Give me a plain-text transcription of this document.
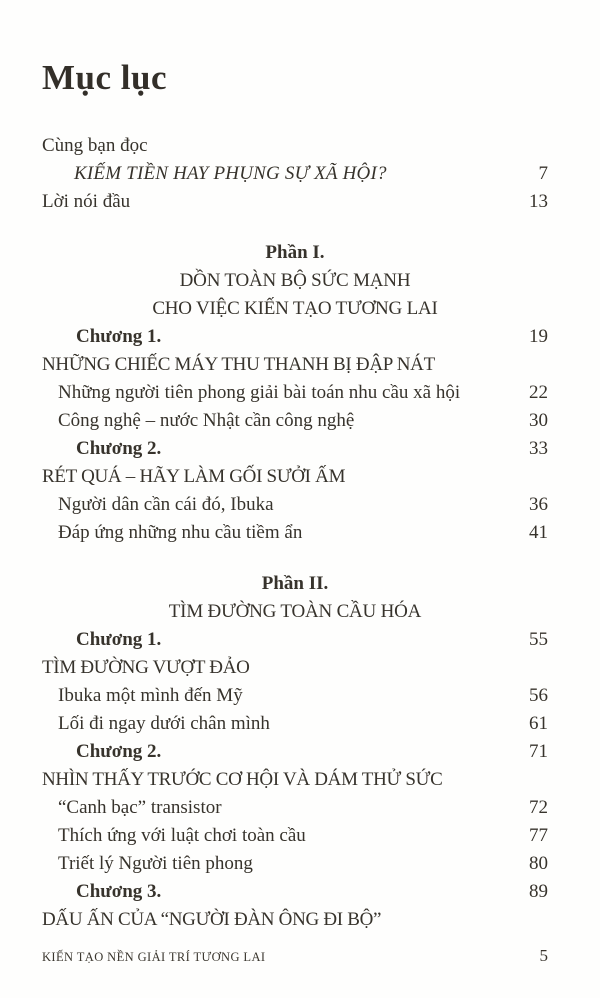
Mục lục
Cùng bạn đọc
KIẾM TIỀN HAY PHỤNG SỰ XÃ HỘI?	7
Lời nói đầu	13
Phần I.
DỒN TOÀN BỘ SỨC MẠNH
CHO VIỆC KIẾN TẠO TƯƠNG LAI
Chương 1.	19
NHỮNG CHIẾC MÁY THU THANH BỊ ĐẬP NÁT
Những người tiên phong giải bài toán nhu cầu xã hội	22
Công nghệ – nước Nhật cần công nghệ	30
Chương 2.	33
RÉT QUÁ – HÃY LÀM GỐI SƯỞI ẤM
Người dân cần cái đó, Ibuka	36
Đáp ứng những nhu cầu tiềm ẩn	41
Phần II.
TÌM ĐƯỜNG TOÀN CẦU HÓA
Chương 1.	55
TÌM ĐƯỜNG VƯỢT ĐẢO
Ibuka một mình đến Mỹ	56
Lối đi ngay dưới chân mình	61
Chương 2.	71
NHÌN THẤY TRƯỚC CƠ HỘI VÀ DÁM THỬ SỨC
“Canh bạc” transistor	72
Thích ứng với luật chơi toàn cầu	77
Triết lý Người tiên phong	80
Chương 3.	89
DẤU ẤN CỦA “NGƯỜI ĐÀN ÔNG ĐI BỘ”
KIẾN TẠO NỀN GIẢI TRÍ TƯƠNG LAI	5
